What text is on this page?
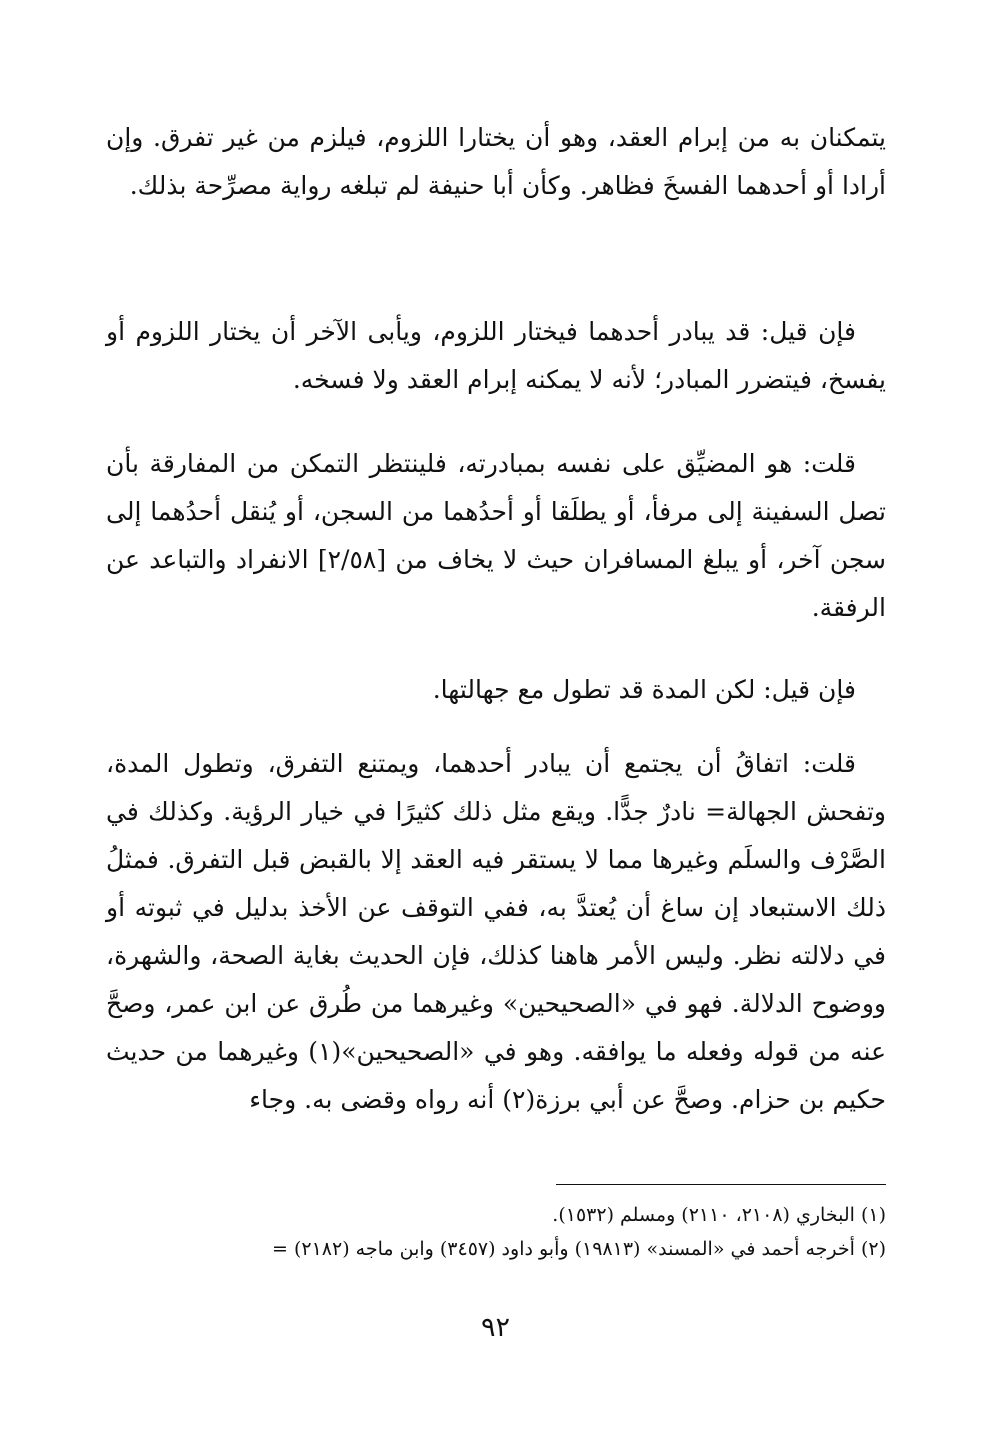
يتمكنان به من إبرام العقد، وهو أن يختارا اللزوم، فيلزم من غير تفرق. وإن أرادا أو أحدهما الفسخَ فظاهر. وكأن أبا حنيفة لم تبلغه رواية مصرِّحة بذلك.

فإن قيل: قد يبادر أحدهما فيختار اللزوم، ويأبى الآخر أن يختار اللزوم أو يفسخ، فيتضرر المبادر؛ لأنه لا يمكنه إبرام العقد ولا فسخه.

قلت: هو المضيِّق على نفسه بمبادرته، فلينتظر التمكن من المفارقة بأن تصل السفينة إلى مرفأ، أو يطلَقا أو أحدُهما من السجن، أو يُنقل أحدُهما إلى سجن آخر، أو يبلغ المسافران حيث لا يخاف من [٢/٥٨] الانفراد والتباعد عن الرفقة.

فإن قيل: لكن المدة قد تطول مع جهالتها.

قلت: اتفاقُ أن يجتمع أن يبادر أحدهما، ويمتنع التفرق، وتطول المدة، وتفحش الجهالة= نادرٌ جدًّا. ويقع مثل ذلك كثيرًا في خيار الرؤية. وكذلك في الصَّرْف والسلَم وغيرها مما لا يستقر فيه العقد إلا بالقبض قبل التفرق. فمثلُ ذلك الاستبعاد إن ساغ أن يُعتدَّ به، ففي التوقف عن الأخذ بدليل في ثبوته أو في دلالته نظر. وليس الأمر هاهنا كذلك، فإن الحديث بغاية الصحة، والشهرة، ووضوح الدلالة. فهو في «الصحيحين» وغيرهما من طُرق عن ابن عمر، وصحَّ عنه من قوله وفعله ما يوافقه. وهو في «الصحيحين»(١) وغيرهما من حديث حكيم بن حزام. وصحَّ عن أبي برزة(٢) أنه رواه وقضى به. وجاء

(١) البخاري (٢١٠٨، ٢١١٠) ومسلم (١٥٣٢).
(٢) أخرجه أحمد في «المسند» (١٩٨١٣) وأبو داود (٣٤٥٧) وابن ماجه (٢١٨٢) =
٩٢
